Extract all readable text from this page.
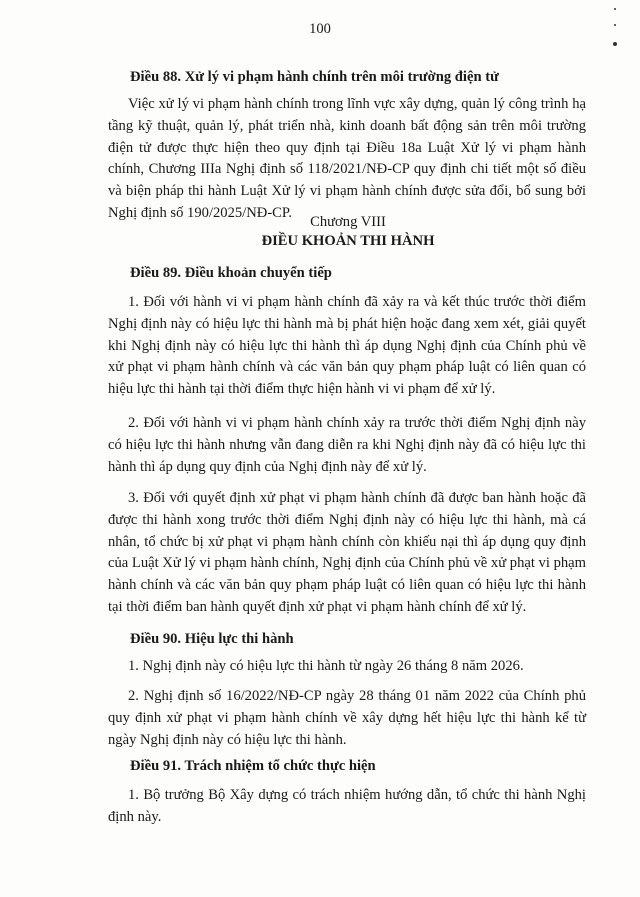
100
Điều 88. Xử lý vi phạm hành chính trên môi trường điện tử

Việc xử lý vi phạm hành chính trong lĩnh vực xây dựng, quản lý công trình hạ tầng kỹ thuật, quản lý, phát triển nhà, kinh doanh bất động sản trên môi trường điện tử được thực hiện theo quy định tại Điều 18a Luật Xử lý vi phạm hành chính, Chương IIIa Nghị định số 118/2021/NĐ-CP quy định chi tiết một số điều và biện pháp thi hành Luật Xử lý vi phạm hành chính được sửa đổi, bổ sung bởi Nghị định số 190/2025/NĐ-CP.

Chương VIII
ĐIỀU KHOẢN THI HÀNH
Điều 89. Điều khoản chuyển tiếp

1. Đối với hành vi vi phạm hành chính đã xảy ra và kết thúc trước thời điểm Nghị định này có hiệu lực thi hành mà bị phát hiện hoặc đang xem xét, giải quyết khi Nghị định này có hiệu lực thi hành thì áp dụng Nghị định của Chính phủ về xử phạt vi phạm hành chính và các văn bản quy phạm pháp luật có liên quan có hiệu lực thi hành tại thời điểm thực hiện hành vi vi phạm để xử lý.

2. Đối với hành vi vi phạm hành chính xảy ra trước thời điểm Nghị định này có hiệu lực thi hành nhưng vẫn đang diễn ra khi Nghị định này đã có hiệu lực thi hành thì áp dụng quy định của Nghị định này để xử lý.

3. Đối với quyết định xử phạt vi phạm hành chính đã được ban hành hoặc đã được thi hành xong trước thời điểm Nghị định này có hiệu lực thi hành, mà cá nhân, tổ chức bị xử phạt vi phạm hành chính còn khiếu nại thì áp dụng quy định của Luật Xử lý vi phạm hành chính, Nghị định của Chính phủ về xử phạt vi phạm hành chính và các văn bản quy phạm pháp luật có liên quan có hiệu lực thi hành tại thời điểm ban hành quyết định xử phạt vi phạm hành chính để xử lý.

Điều 90. Hiệu lực thi hành

1. Nghị định này có hiệu lực thi hành từ ngày 26 tháng 8 năm 2026.

2. Nghị định số 16/2022/NĐ-CP ngày 28 tháng 01 năm 2022 của Chính phủ quy định xử phạt vi phạm hành chính về xây dựng hết hiệu lực thi hành kể từ ngày Nghị định này có hiệu lực thi hành.

Điều 91. Trách nhiệm tổ chức thực hiện

1. Bộ trưởng Bộ Xây dựng có trách nhiệm hướng dẫn, tổ chức thi hành Nghị định này.
